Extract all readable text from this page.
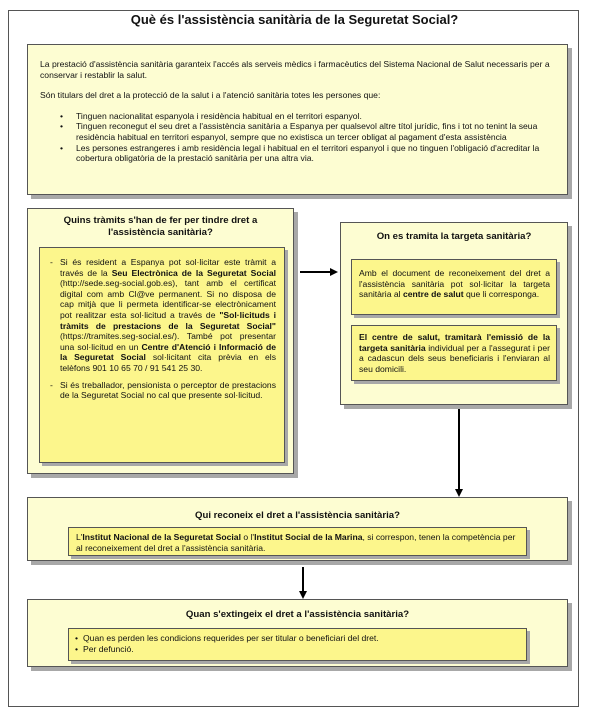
Què és l'assistència sanitària de la Seguretat Social?

La prestació d'assistència sanitària garanteix l'accés als serveis mèdics i farmacèutics del Sistema Nacional de Salut necessaris per a conservar i restablir la salut.

Són titulars del dret a la protecció de la salut i a l'atenció sanitària totes les persones que:

• Tinguen nacionalitat espanyola i residència habitual en el territori espanyol.
• Tinguen reconegut el seu dret a l'assistència sanitària a Espanya per qualsevol altre títol jurídic, fins i tot no tenint la seua residència habitual en territori espanyol, sempre que no existisca un tercer obligat al pagament d'esta assistència
• Les persones estrangeres i amb residència legal i habitual en el territori espanyol i que no tinguen l'obligació d'acreditar la cobertura obligatòria de la prestació sanitària per una altra via.
Quins tràmits s'han de fer per tindre dret a l'assistència sanitària?
- Si és resident a Espanya pot sol·licitar este tràmit a través de la Seu Electrònica de la Seguretat Social (http://sede.seg-social.gob.es), tant amb el certificat digital com amb Cl@ve permanent. Si no disposa de cap mitjà que li permeta identificar-se electrònicament pot realitzar esta sol·licitud a través de "Sol·licituds i tràmits de prestacions de la Seguretat Social" (https://tramites.seg-social.es/). També pot presentar una sol·licitud en un Centre d'Atenció i Informació de la Seguretat Social sol·licitant cita prèvia en els telèfons 901 10 65 70 / 91 541 25 30.
- Si és treballador, pensionista o perceptor de prestacions de la Seguretat Social no cal que presente sol·licitud.
On es tramita la targeta sanitària?
Amb el document de reconeixement del dret a l'assistència sanitària pot sol·licitar la targeta sanitària al centre de salut que li corresponga.
El centre de salut, tramitarà l'emissió de la targeta sanitària individual per a l'assegurat i per a cadascun dels seus beneficiaris i l'enviaran al seu domicili.
Qui reconeix el dret a l'assistència sanitària?
L'Institut Nacional de la Seguretat Social o l'Institut Social de la Marina, si correspon, tenen la competència per al reconeixement del dret a l'assistència sanitària.
Quan s'extingeix el dret a l'assistència sanitària?
• Quan es perden les condicions requerides per ser titular o beneficiari del dret.
• Per defunció.
